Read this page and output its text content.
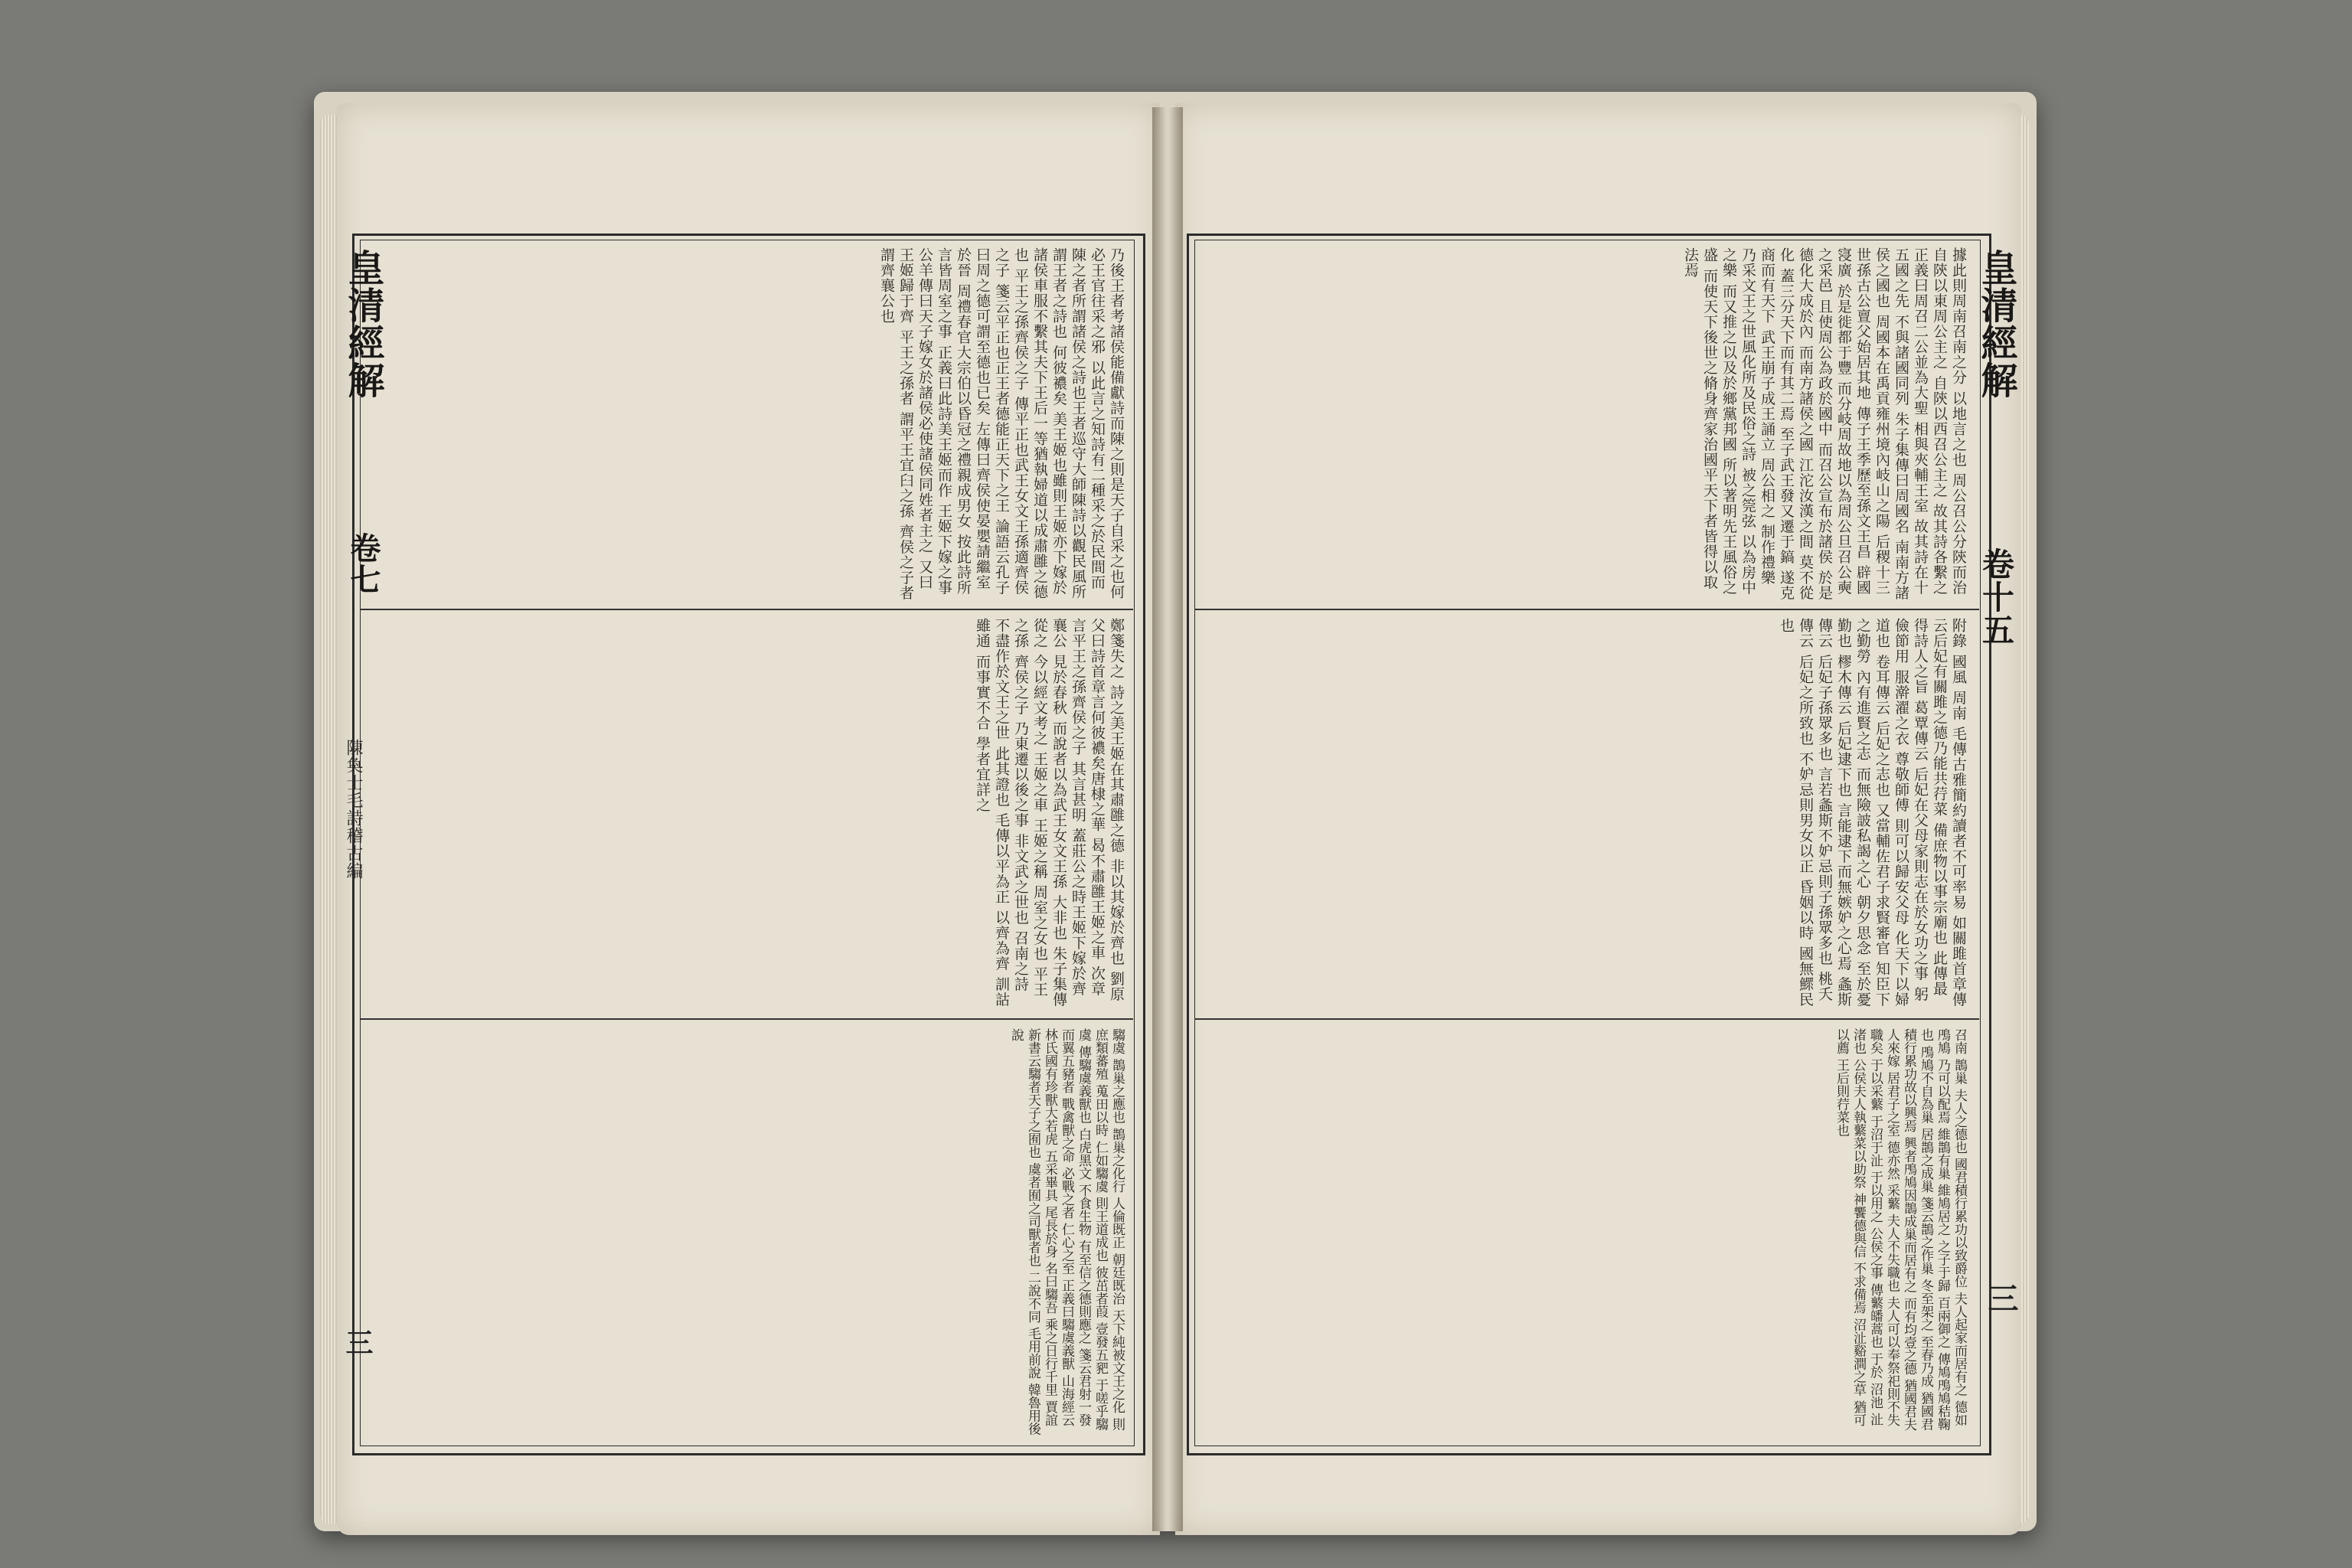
皇清經解
卷七
陳奐士毛詩稽古編
三
乃後王者考諸侯能備獻詩而陳之則是天子自采之也何必王官往采之邪 以此言之知詩有二種采之於民間而陳之者所謂諸侯之詩也王者巡守大師陳詩以觀民風所謂王者之詩也 何彼襛矣 美王姬也雖則王姬亦下嫁於諸侯車服不繫其夫下王后一等猶執婦道以成肅雝之德也 平王之孫齊侯之子 傳平正也武王女文王孫適齊侯之子 箋云平正也正王者德能正天下之王 論語云孔子曰周之德可謂至德也已矣 左傳曰齊侯使晏嬰請繼室於晉 周禮春官大宗伯以昏冠之禮親成男女 按此詩所言皆周室之事 正義曰此詩美王姬而作 王姬下嫁之事 公羊傳曰天子嫁女於諸侯必使諸侯同姓者主之 又曰王姬歸于齊 平王之孫者 謂平王宜臼之孫 齊侯之子者 謂齊襄公也
鄭箋失之 詩之美王姬在其肅雝之德 非以其嫁於齊也 劉原父曰詩首章言何彼襛矣唐棣之華 曷不肅雝王姬之車 次章言平王之孫齊侯之子 其言甚明 蓋莊公之時王姬下嫁於齊襄公 見於春秋 而說者以為武王女文王孫 大非也 朱子集傳從之 今以經文考之 王姬之車 王姬之稱 周室之女也 平王之孫 齊侯之子 乃東遷以後之事 非文武之世也 召南之詩 不盡作於文王之世 此其證也 毛傳以平為正 以齊為齊 訓詁雖通 而事實不合 學者宜詳之
騶虞 鵲巢之應也 鵲巢之化行 人倫既正 朝廷既治 天下純被文王之化 則庶類蕃殖 蒐田以時 仁如騶虞 則王道成也 彼茁者葭 壹發五豝 于嗟乎騶虞 傳騶虞義獸也 白虎黑文 不食生物 有至信之德則應之 箋云君射一發而翼五豬者 戰禽獸之命 必戰之者 仁心之至 正義曰騶虞義獸 山海經云林氏國有珍獸大若虎 五采畢具 尾長於身 名曰騶吾 乘之日行千里 賈誼新書云騶者天子之囿也 虞者囿之司獸者也 二說不同 毛用前說 韓魯用後說
皇清經解
卷十五
三
據此則周南召南之分 以地言之也 周公召公分陝而治 自陝以東周公主之 自陝以西召公主之 故其詩各繫之 正義曰周召二公並為大聖 相與夾輔王室 故其詩在十五國之先 不與諸國同列 朱子集傳曰周國名 南南方諸侯之國也 周國本在禹貢雍州境內岐山之陽 后稷十三世孫古公亶父始居其地 傳子王季歷至孫文王昌 辟國寖廣 於是徙都于豐 而分岐周故地以為周公旦召公奭之采邑 且使周公為政於國中 而召公宣布於諸侯 於是德化大成於內 而南方諸侯之國 江沱汝漢之間 莫不從化 蓋三分天下而有其二焉 至子武王發又遷于鎬 遂克商而有天下 武王崩子成王誦立 周公相之 制作禮樂 乃采文王之世風化所及民俗之詩 被之筦弦 以為房中之樂 而又推之以及於鄉黨邦國 所以著明先王風俗之盛 而使天下後世之脩身齊家治國平天下者皆得以取法焉
附錄 國風 周南 毛傳古雅簡約讀者不可率易 如關雎首章傳云后妃有關雎之德乃能共荇菜 備庶物以事宗廟也 此傳最得詩人之旨 葛覃傳云 后妃在父母家則志在於女功之事 躬儉節用 服澣濯之衣 尊敬師傅 則可以歸安父母 化天下以婦道也 卷耳傳云 后妃之志也 又當輔佐君子求賢審官 知臣下之勤勞 內有進賢之志 而無險詖私謁之心 朝夕思念 至於憂勤也 樛木傳云 后妃逮下也 言能逮下而無嫉妒之心焉 螽斯傳云 后妃子孫眾多也 言若螽斯不妒忌則子孫眾多也 桃夭傳云 后妃之所致也 不妒忌則男女以正 昏姻以時 國無鰥民也
召南 鵲巢 夫人之德也 國君積行累功以致爵位 夫人起家而居有之 德如鳲鳩 乃可以配焉 維鵲有巢 維鳩居之 之子于歸 百兩御之 傳鳩鳲鳩秸鞠也 鳲鳩不自為巢 居鵲之成巢 箋云鵲之作巢 冬至架之 至春乃成 猶國君積行累功故以興焉 興者鳲鳩因鵲成巢而居有之 而有均壹之德 猶國君夫人來嫁 居君子之室 德亦然 采蘩 夫人不失職也 夫人可以奉祭祀則不失職矣 于以采蘩 于沼于沚 于以用之 公侯之事 傳蘩皤蒿也 于於 沼池 沚渚也 公侯夫人執蘩菜以助祭 神饗德與信 不求備焉 沼沚谿澗之草 猶可以薦 王后則荇菜也
